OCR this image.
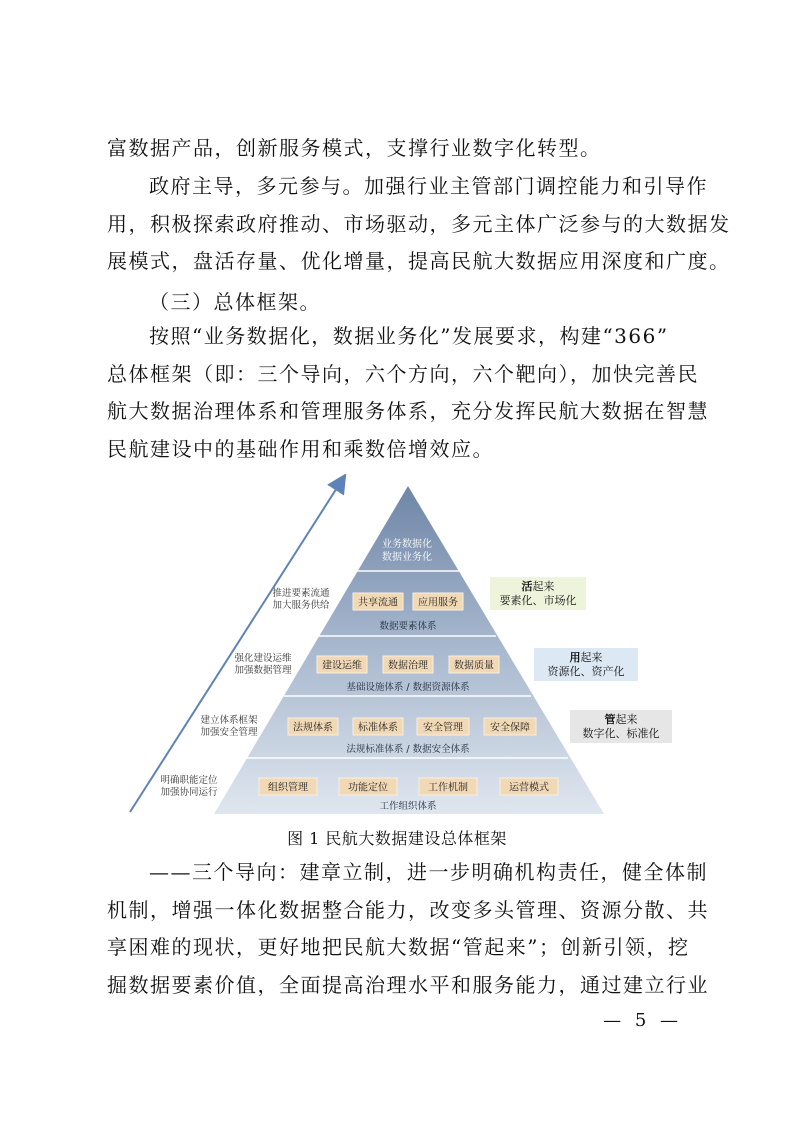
富数据产品，创新服务模式，支撑行业数字化转型。
政府主导，多元参与。加强行业主管部门调控能力和引导作
用，积极探索政府推动、市场驱动，多元主体广泛参与的大数据发
展模式，盘活存量、优化增量，提高民航大数据应用深度和广度。
（三）总体框架。
按照“业务数据化，数据业务化”发展要求，构建“366”
总体框架（即：三个导向，六个方向，六个靶向），加快完善民
航大数据治理体系和管理服务体系，充分发挥民航大数据在智慧
民航建设中的基础作用和乘数倍增效应。
业务数据化
数据业务化
共享流通 应用服务
数据要素体系
建设运维	数据治理	数据质量
基础设施体系 / 数据资源体系
法规体系	标准体系	安全管理	安全保障
法规标准体系 / 数据安全体系
组织管理	功能定位	工作机制	运营模式
工作组织体系
推进要素流通
加大服务供给
强化建设运维
加强数据管理
建立体系框架
加强安全管理
明确职能定位
加强协同运行
活起来
要素化、市场化
用起来
资源化、资产化
管起来
数字化、标准化
图 1 民航大数据建设总体框架
——三个导向：建章立制，进一步明确机构责任，健全体制
机制，增强一体化数据整合能力，改变多头管理、资源分散、共
享困难的现状，更好地把民航大数据“管起来”；创新引领，挖
掘数据要素价值，全面提高治理水平和服务能力，通过建立行业
— 5 —
